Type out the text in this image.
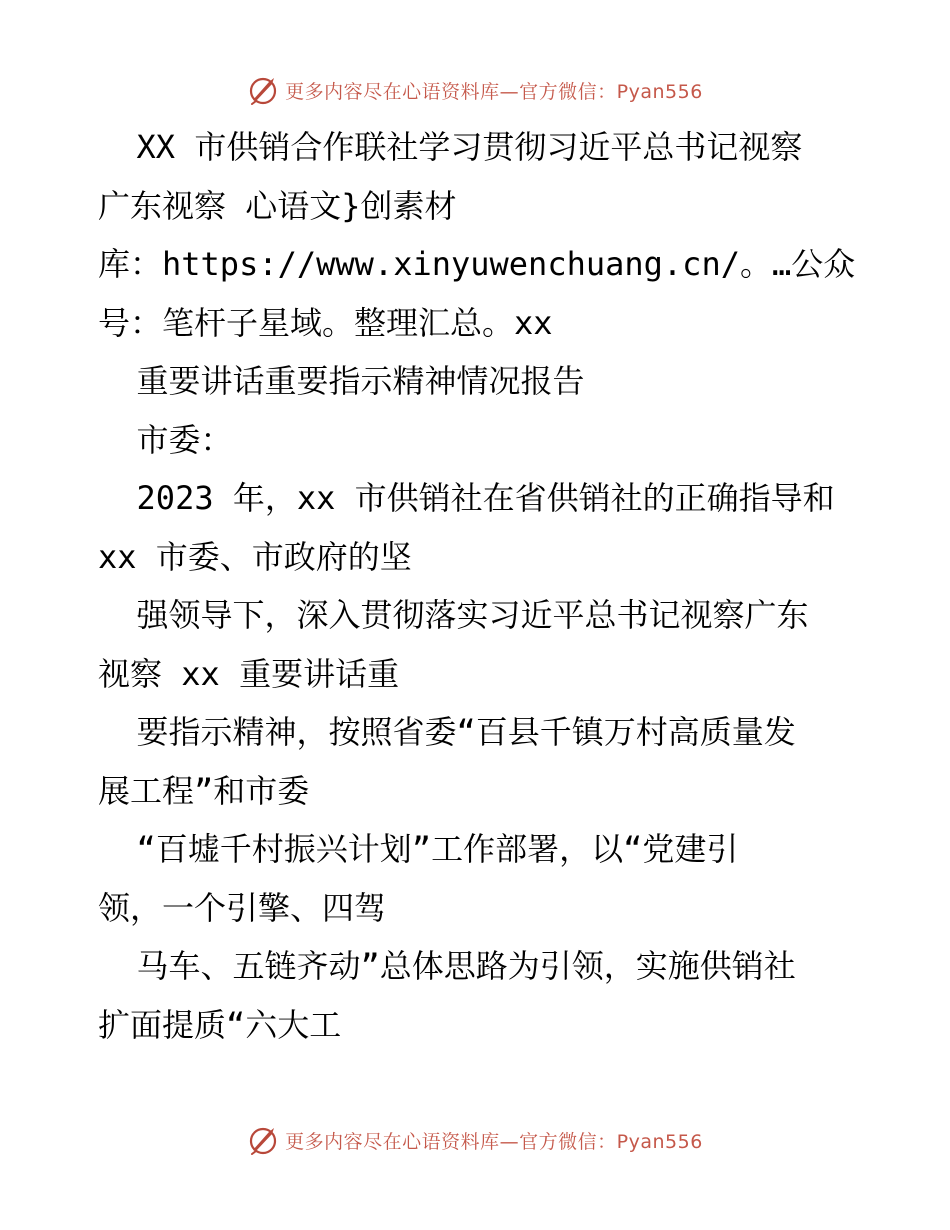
更多内容尽在心语资料库—官方微信：Pyan556
XX 市供销合作联社学习贯彻习近平总书记视察
广东视察 心语文}创素材
库：https://www.xinyuwenchuang.cn/。…公众
号：笔杆子星域。整理汇总。xx
重要讲话重要指示精神情况报告
市委：
2023 年，xx 市供销社在省供销社的正确指导和
xx 市委、市政府的坚
强领导下，深入贯彻落实习近平总书记视察广东
视察 xx 重要讲话重
要指示精神，按照省委“百县千镇万村高质量发
展工程”和市委
“百墟千村振兴计划”工作部署，以“党建引
领，一个引擎、四驾
马车、五链齐动”总体思路为引领，实施供销社
扩面提质“六大工
更多内容尽在心语资料库—官方微信：Pyan556
